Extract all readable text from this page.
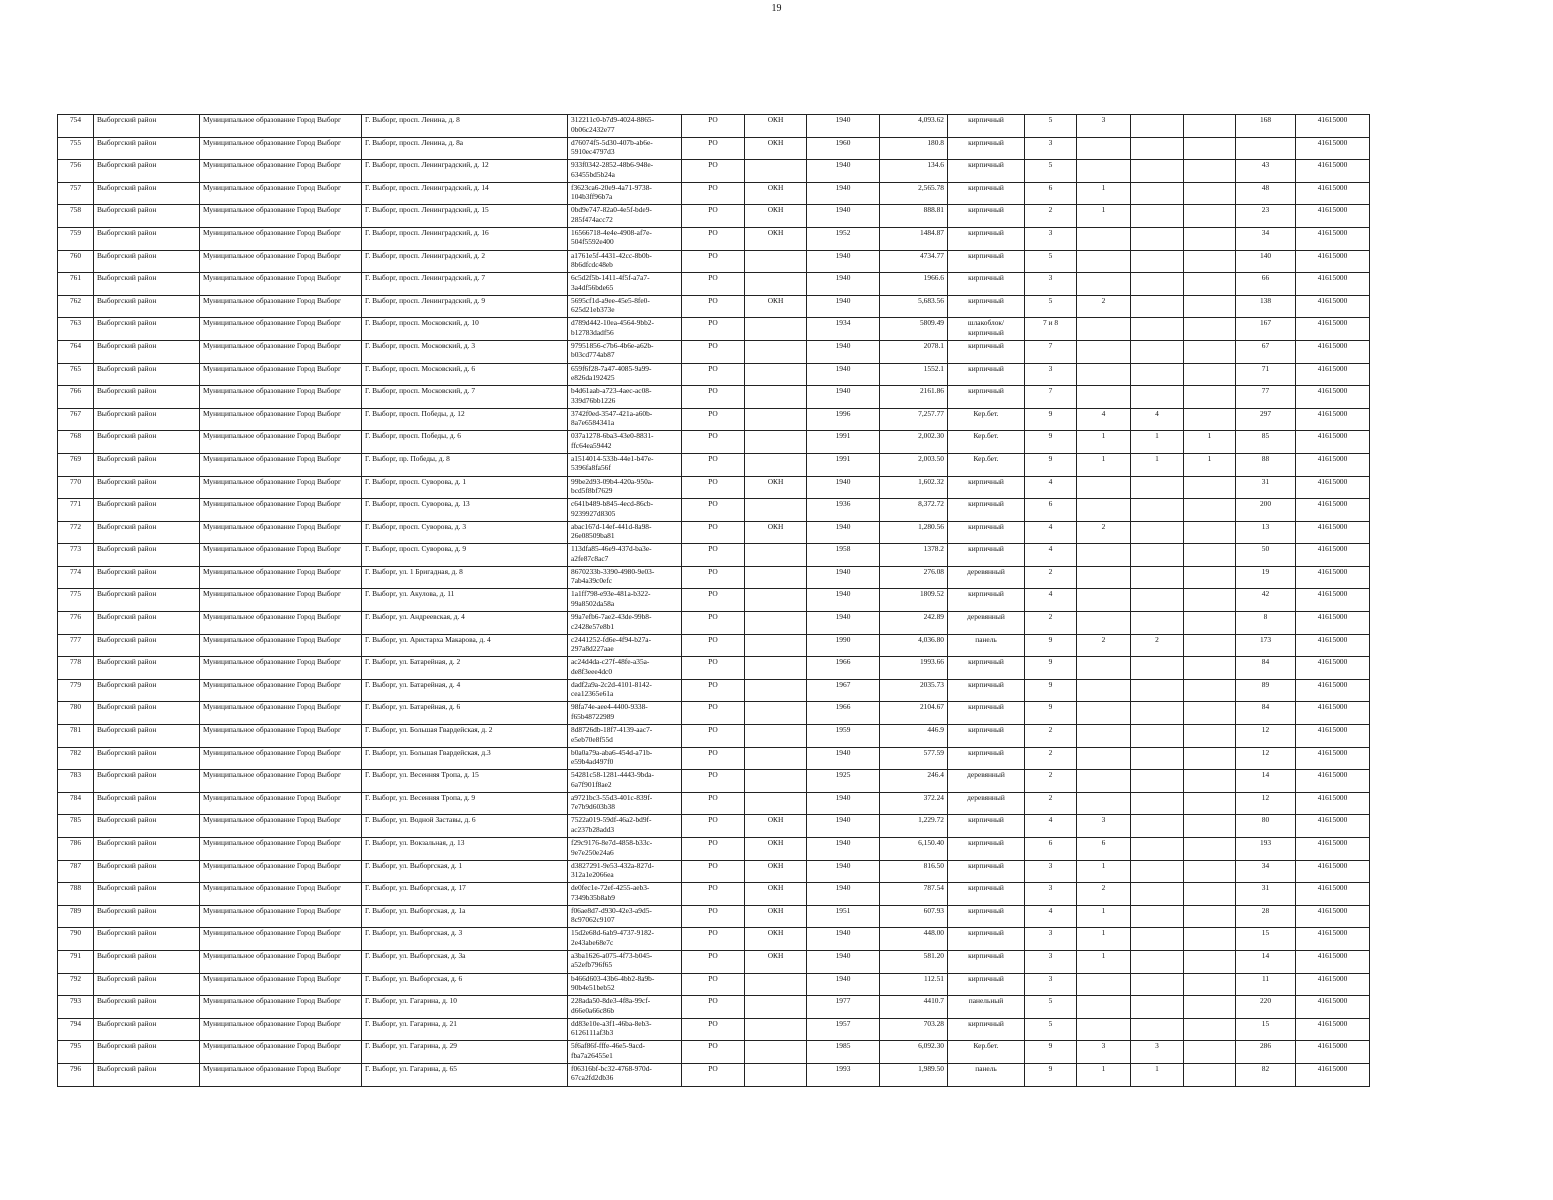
19
754	Выборгский район	Муниципальное образование Город Выборг	Г. Выборг, просп. Ленина, д. 8	312211c0-b7d9-4024-8865-0b06c2432e77	РО	ОКН	1940	4,093.62	кирпичный	5	3			168	41615000
755	Выборгский район	Муниципальное образование Город Выборг	Г. Выборг, просп. Ленина, д. 8а	d76074f5-5d30-407b-ab6e-5910ec4797d3	РО	ОКН	1960	180.8	кирпичный	3					41615000
756	Выборгский район	Муниципальное образование Город Выборг	Г. Выборг, просп. Ленинградский, д. 12	933f0342-2852-48b6-948e-63455bd5b24a	РО		1940	134.6	кирпичный	5				43	41615000
757	Выборгский район	Муниципальное образование Город Выборг	Г. Выборг, просп. Ленинградский, д. 14	f3623ca6-20e9-4a71-9738-104b3ff96b7a	РО	ОКН	1940	2,565.78	кирпичный	6	1			48	41615000
758	Выборгский район	Муниципальное образование Город Выборг	Г. Выборг, просп. Ленинградский, д. 15	0bd9e747-82a0-4e5f-bde9-285f474acc72	РО	ОКН	1940	888.81	кирпичный	2	1			23	41615000
759	Выборгский район	Муниципальное образование Город Выборг	Г. Выборг, просп. Ленинградский, д. 16	16566718-4e4e-4908-af7e-504f5592e400	РО	ОКН	1952	1484.87	кирпичный	3				34	41615000
760	Выборгский район	Муниципальное образование Город Выборг	Г. Выборг, просп. Ленинградский, д. 2	a1761e5f-4431-42cc-8b0b-8b6dfcdc48eb	РО		1940	4734.77	кирпичный	5				140	41615000
761	Выборгский район	Муниципальное образование Город Выборг	Г. Выборг, просп. Ленинградский, д. 7	6c5d2f5b-1411-4f5f-a7a7-3a4df56bde65	РО		1940	1966.6	кирпичный	3				66	41615000
762	Выборгский район	Муниципальное образование Город Выборг	Г. Выборг, просп. Ленинградский, д. 9	5695cf1d-a9ee-45e5-8fe0-625d21eb373e	РО	ОКН	1940	5,683.56	кирпичный	5	2			138	41615000
763	Выборгский район	Муниципальное образование Город Выборг	Г. Выборг, просп. Московский, д. 10	d789d442-10ea-4564-9bb2-b12783dadf56	РО		1934	5809.49	шлакоблок/ кирпичный	7 и 8				167	41615000
764	Выборгский район	Муниципальное образование Город Выборг	Г. Выборг, просп. Московский, д. 3	97951856-c7b6-4b6e-a62b-b03cd774ab87	РО		1940	2078.1	кирпичный	7				67	41615000
765	Выборгский район	Муниципальное образование Город Выборг	Г. Выборг, просп. Московский, д. 6	659f6f28-7a47-4085-9a99-e826da192425	РО		1940	1552.1	кирпичный	3				71	41615000
766	Выборгский район	Муниципальное образование Город Выборг	Г. Выборг, просп. Московский, д. 7	b4d61aab-a723-4aec-ac08-339d76bb1226	РО		1940	2161.86	кирпичный	7				77	41615000
767	Выборгский район	Муниципальное образование Город Выборг	Г. Выборг, просп. Победы, д. 12	3742f0ed-3547-421a-a60b-8a7e6584341a	РО		1996	7,257.77	Кер.бет.	9	4	4		297	41615000
768	Выборгский район	Муниципальное образование Город Выборг	Г. Выборг, просп. Победы, д. 6	037a1278-6ba3-43e0-8831-ffc64ea59442	РО		1991	2,002.30	Кер.бет.	9	1	1	1	85	41615000
769	Выборгский район	Муниципальное образование Город Выборг	Г. Выборг, пр. Победы, д. 8	a1514014-533b-44e1-b47e-5396fa8fa56f	РО		1991	2,003.50	Кер.бет.	9	1	1	1	88	41615000
770	Выборгский район	Муниципальное образование Город Выборг	Г. Выборг, просп. Суворова, д. 1	99be2d93-09b4-420a-950a-bcd5f8bf7629	РО	ОКН	1940	1,602.32	кирпичный	4				31	41615000
771	Выборгский район	Муниципальное образование Город Выборг	Г. Выборг, просп. Суворова, д. 13	c641b489-b845-4ecd-86cb-9239927d8305	РО		1936	8,372.72	кирпичный	6				200	41615000
772	Выборгский район	Муниципальное образование Город Выборг	Г. Выборг, просп. Суворова, д. 3	abac167d-14ef-441d-8a98-26e08509ba81	РО	ОКН	1940	1,280.56	кирпичный	4	2			13	41615000
773	Выборгский район	Муниципальное образование Город Выборг	Г. Выборг, просп. Суворова, д. 9	113dfa85-46e9-437d-ba3e-a2fe87c8ac7	РО		1958	1378.2	кирпичный	4				50	41615000
774	Выборгский район	Муниципальное образование Город Выборг	Г. Выборг, ул. 1 Бригадная, д. 8	8670233b-3390-4980-9e03-7ab4a39c0efc	РО		1940	276.08	деревянный	2				19	41615000
775	Выборгский район	Муниципальное образование Город Выборг	Г. Выборг, ул. Акулова, д. 11	1a1ff798-e93e-481a-b322-99a8502da58a	РО		1940	1809.52	кирпичный	4				42	41615000
776	Выборгский район	Муниципальное образование Город Выборг	Г. Выборг, ул. Андреевская, д. 4	99a7efb6-7ae2-43de-99b8-c2428e57e8b1	РО		1940	242.89	деревянный	2				8	41615000
777	Выборгский район	Муниципальное образование Город Выборг	Г. Выборг, ул. Аристарха Макарова, д. 4	c2441252-fd6e-4f94-b27a-297a8d227aae	РО		1990	4,036.80	панель	9	2	2		173	41615000
778	Выборгский район	Муниципальное образование Город Выборг	Г. Выборг, ул. Батарейная, д. 2	ac24d4da-c27f-48fe-a35a-de8f3eee4dc0	РО		1966	1993.66	кирпичный	9				84	41615000
779	Выборгский район	Муниципальное образование Город Выборг	Г. Выборг, ул. Батарейная, д. 4	dadf2a9a-2c2d-4101-8142-cea12365e61a	РО		1967	2035.73	кирпичный	9				89	41615000
780	Выборгский район	Муниципальное образование Город Выборг	Г. Выборг, ул. Батарейная, д. 6	98fa74e-aee4-4400-9338-f65b48722989	РО		1966	2104.67	кирпичный	9				84	41615000
781	Выборгский район	Муниципальное образование Город Выборг	Г. Выборг, ул. Большая Гвардейская, д. 2	8d8726db-18f7-4139-aac7-e5eb70e8f55d	РО		1959	446.9	кирпичный	2				12	41615000
782	Выборгский район	Муниципальное образование Город Выборг	Г. Выборг, ул. Большая Гвардейская, д.3	b0a0a79a-aba6-454d-a71b-e59b4ad497f0	РО		1940	577.59	кирпичный	2				12	41615000
783	Выборгский район	Муниципальное образование Город Выборг	Г. Выборг, ул. Весенняя Тропа, д. 15	54281c58-1281-4443-9bda-6a7f901f8ae2	РО		1925	246.4	деревянный	2				14	41615000
784	Выборгский район	Муниципальное образование Город Выборг	Г. Выборг, ул. Весенняя Тропа, д. 9	a9721bc3-55d3-401c-839f-7e7b9d603b38	РО		1940	372.24	деревянный	2				12	41615000
785	Выборгский район	Муниципальное образование Город Выборг	Г. Выборг, ул. Водной Заставы, д. 6	7522a019-59df-46a2-bd9f-ac237b28add3	РО	ОКН	1940	1,229.72	кирпичный	4	3			80	41615000
786	Выборгский район	Муниципальное образование Город Выборг	Г. Выборг, ул. Вокзальная, д. 13	f29c9176-8e7d-4858-b33c-9e7e250e24a6	РО	ОКН	1940	6,150.40	кирпичный	6	6			193	41615000
787	Выборгский район	Муниципальное образование Город Выборг	Г. Выборг, ул. Выборгская, д. 1	d3827291-9e53-432a-827d-312a1e2066ea	РО	ОКН	1940	816.50	кирпичный	3	1			34	41615000
788	Выборгский район	Муниципальное образование Город Выборг	Г. Выборг, ул. Выборгская, д. 17	de0fec1e-72ef-4255-aeb3-7349b35b8ab9	РО	ОКН	1940	787.54	кирпичный	3	2			31	41615000
789	Выборгский район	Муниципальное образование Город Выборг	Г. Выборг, ул. Выборгская, д. 1а	f06ae8d7-d930-42e3-a9d5-8c97062c9107	РО	ОКН	1951	607.93	кирпичный	4	1			28	41615000
790	Выборгский район	Муниципальное образование Город Выборг	Г. Выборг, ул. Выборгская, д. 3	15d2e68d-6ab9-4737-9182-2e43abe68e7c	РО	ОКН	1940	448.00	кирпичный	3	1			15	41615000
791	Выборгский район	Муниципальное образование Город Выборг	Г. Выборг, ул. Выборгская, д. 3а	a3ba1626-a075-4f73-b045-a52efb796f65	РО	ОКН	1940	581.20	кирпичный	3	1			14	41615000
792	Выборгский район	Муниципальное образование Город Выборг	Г. Выборг, ул. Выборгская, д. 6	b466d603-43b6-4bb2-8a9b-90b4e51beb52	РО		1940	112.51	кирпичный	3				11	41615000
793	Выборгский район	Муниципальное образование Город Выборг	Г. Выборг, ул. Гагарина, д. 10	228ada50-8de3-4f8a-99cf-d66e0a66c86b	РО		1977	4410.7	панельный	5				220	41615000
794	Выборгский район	Муниципальное образование Город Выборг	Г. Выборг, ул. Гагарина, д. 21	dd83e10e-a3f1-46ba-8eb3-6126111af3b3	РО		1957	703.28	кирпичный	5				15	41615000
795	Выборгский район	Муниципальное образование Город Выборг	Г. Выборг, ул. Гагарина, д. 29	5f6af86f-fffe-46e5-9acd-fba7a26455e1	РО		1985	6,092.30	Кер.бет.	9	3	3		286	41615000
796	Выборгский район	Муниципальное образование Город Выборг	Г. Выборг, ул. Гагарина, д. 65	f06316bf-bc32-4768-970d-67ca2fd2db36	РО		1993	1,989.50	панель	9	1	1		82	41615000
